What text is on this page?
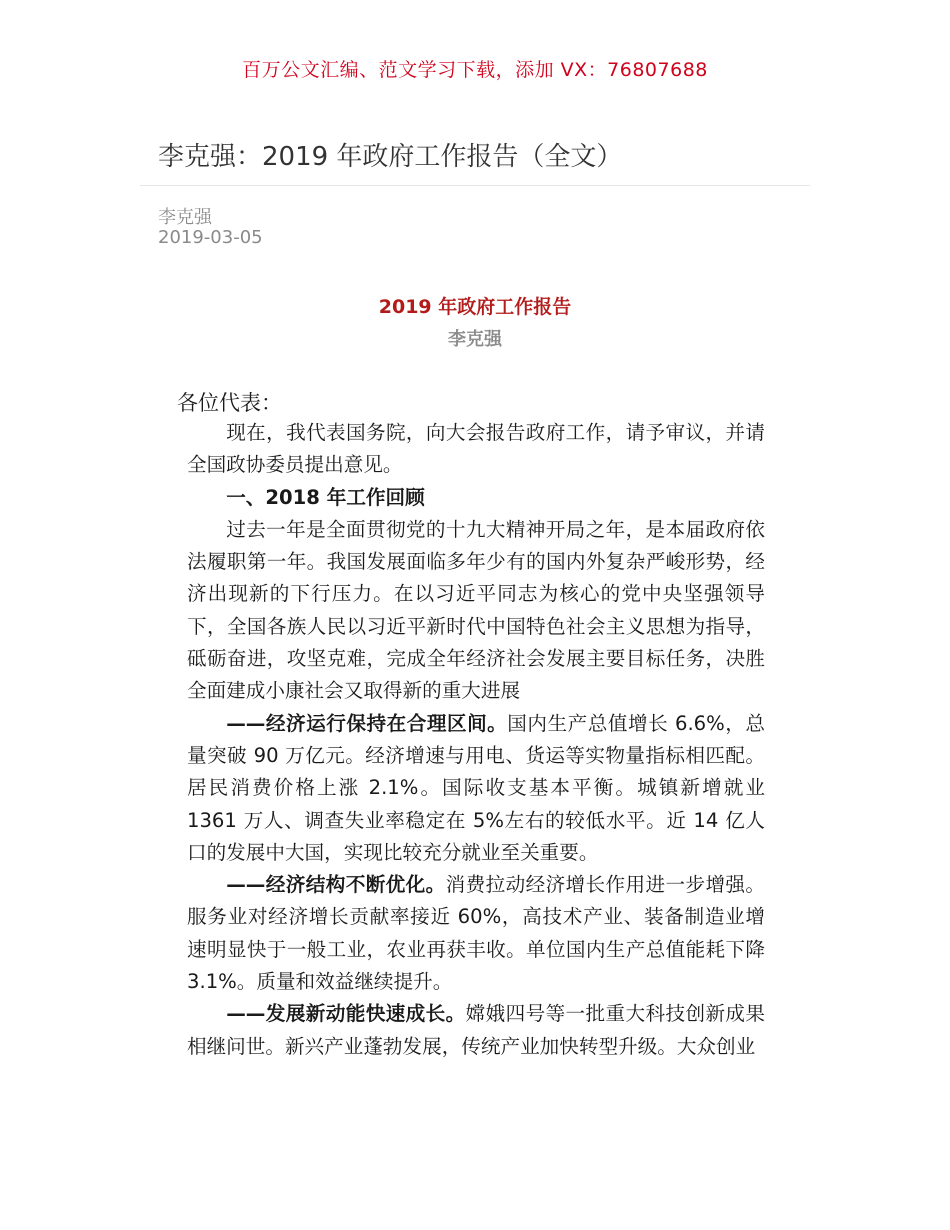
百万公文汇编、范文学习下载，添加 VX：76807688
李克强：2019 年政府工作报告（全文）
李克强
2019-03-05
2019 年政府工作报告
李克强
各位代表：

现在，我代表国务院，向大会报告政府工作，请予审议，并请全国政协委员提出意见。

一、2018 年工作回顾

过去一年是全面贯彻党的十九大精神开局之年，是本届政府依法履职第一年。我国发展面临多年少有的国内外复杂严峻形势，经济出现新的下行压力。在以习近平同志为核心的党中央坚强领导下，全国各族人民以习近平新时代中国特色社会主义思想为指导，砥砺奋进，攻坚克难，完成全年经济社会发展主要目标任务，决胜全面建成小康社会又取得新的重大进展

——经济运行保持在合理区间。国内生产总值增长 6.6%，总量突破 90 万亿元。经济增速与用电、货运等实物量指标相匹配。居民消费价格上涨 2.1%。国际收支基本平衡。城镇新增就业 1361 万人、调查失业率稳定在 5%左右的较低水平。近 14 亿人口的发展中大国，实现比较充分就业至关重要。

——经济结构不断优化。消费拉动经济增长作用进一步增强。服务业对经济增长贡献率接近 60%，高技术产业、装备制造业增速明显快于一般工业，农业再获丰收。单位国内生产总值能耗下降 3.1%。质量和效益继续提升。

——发展新动能快速成长。嫦娥四号等一批重大科技创新成果相继问世。新兴产业蓬勃发展，传统产业加快转型升级。大众创业
